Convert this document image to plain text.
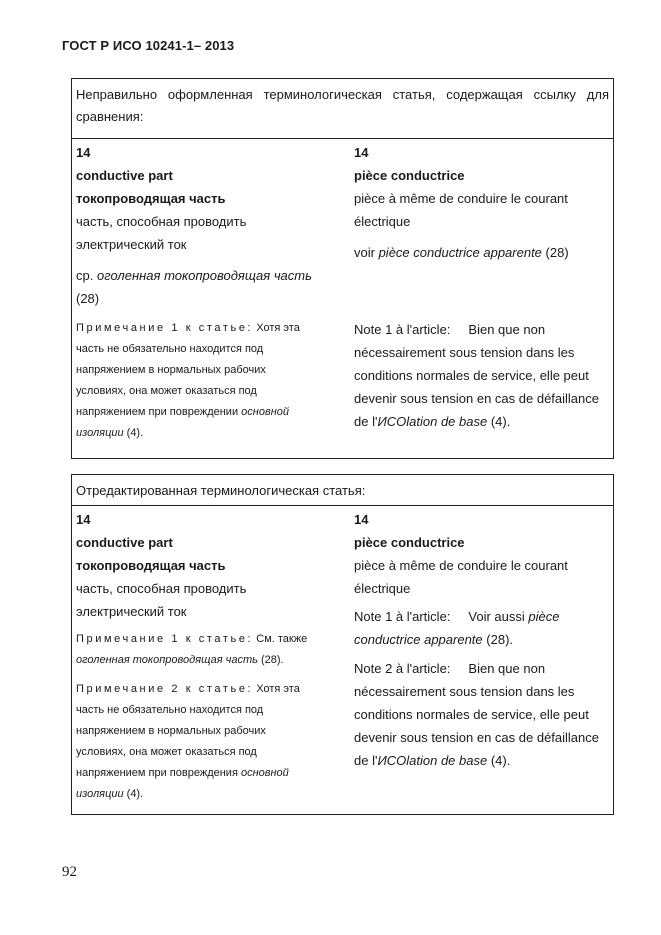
ГОСТ Р ИСО 10241-1– 2013
Неправильно оформленная терминологическая статья, содержащая ссылку для сравнения:
14
conductive part
токопроводящая часть
часть, способная проводить
электрический ток
ср. оголенная токопроводящая часть
(28)
Примечание 1 к статье: Хотя эта
часть не обязательно находится под
напряжением в нормальных рабочих
условиях, она может оказаться под
напряжением при повреждении основной
изоляции (4).
14
pièce conductrice
pièce à même de conduire le courant
électrique
voir pièce conductrice apparente (28)
Note 1 à l'article: Bien que non
nécessairement sous tension dans les
conditions normales de service, elle peut
devenir sous tension en cas de défaillance
de l'ИСOlation de base (4).
Отредактированная терминологическая статья:
14
conductive part
токопроводящая часть
часть, способная проводить
электрический ток
Примечание 1 к статье: См. также
оголенная токопроводящая часть (28).
Примечание 2 к статье: Хотя эта
часть не обязательно находится под
напряжением в нормальных рабочих
условиях, она может оказаться под
напряжением при повреждения основной
изоляции (4).
14
pièce conductrice
pièce à même de conduire le courant
électrique
Note 1 à l'article: Voir aussi pièce
conductrice apparente (28).
Note 2 à l'article: Bien que non
nécessairement sous tension dans les
conditions normales de service, elle peut
devenir sous tension en cas de défaillance
de l'ИСOlation de base (4).
92
